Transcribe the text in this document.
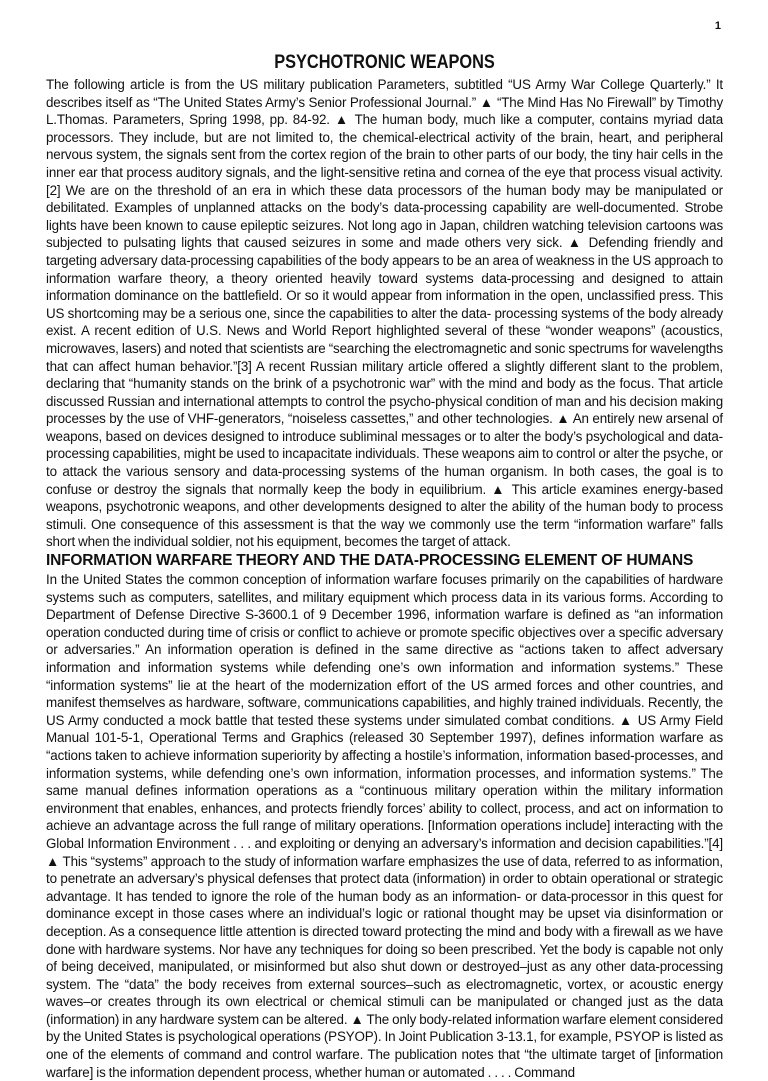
1
PSYCHOTRONIC WEAPONS

The following article is from the US military publication Parameters, subtitled “US Army War College Quarterly.” It describes itself as “The United States Army’s Senior Professional Journal.” ▲ “The Mind Has No Firewall” by Timothy L.Thomas. Parameters, Spring 1998, pp. 84-92. ▲ The human body, much like a computer, contains myriad data processors. They include, but are not limited to, the chemical-electrical activity of the brain, heart, and peripheral nervous system, the signals sent from the cortex region of the brain to other parts of our body, the tiny hair cells in the inner ear that process auditory signals, and the light-sensitive retina and cornea of the eye that process visual activity. [2] We are on the threshold of an era in which these data processors of the human body may be manipulated or debilitated. Examples of unplanned attacks on the body’s data-processing capability are well-documented. Strobe lights have been known to cause epileptic seizures. Not long ago in Japan, children watching television cartoons was subjected to pulsating lights that caused seizures in some and made others very sick. ▲ Defending friendly and targeting adversary data-processing capabilities of the body appears to be an area of weakness in the US approach to information warfare theory, a theory oriented heavily toward systems data-processing and designed to attain information dominance on the battlefield. Or so it would appear from information in the open, unclassified press. This US shortcoming may be a serious one, since the capabilities to alter the data- processing systems of the body already exist. A recent edition of U.S. News and World Report highlighted several of these “wonder weapons” (acoustics, microwaves, lasers) and noted that scientists are “searching the electromagnetic and sonic spectrums for wavelengths that can affect human behavior.”[3] A recent Russian military article offered a slightly different slant to the problem, declaring that “humanity stands on the brink of a psychotronic war” with the mind and body as the focus. That article discussed Russian and international attempts to control the psycho-physical condition of man and his decision making processes by the use of VHF-generators, “noiseless cassettes,” and other technologies. ▲ An entirely new arsenal of weapons, based on devices designed to introduce subliminal messages or to alter the body’s psychological and data-processing capabilities, might be used to incapacitate individuals. These weapons aim to control or alter the psyche, or to attack the various sensory and data-processing systems of the human organism. In both cases, the goal is to confuse or destroy the signals that normally keep the body in equilibrium. ▲ This article examines energy-based weapons, psychotronic weapons, and other developments designed to alter the ability of the human body to process stimuli. One consequence of this assessment is that the way we commonly use the term “information warfare” falls short when the individual soldier, not his equipment, becomes the target of attack.

INFORMATION WARFARE THEORY AND THE DATA-PROCESSING ELEMENT OF HUMANS

In the United States the common conception of information warfare focuses primarily on the capabilities of hardware systems such as computers, satellites, and military equipment which process data in its various forms. According to Department of Defense Directive S-3600.1 of 9 December 1996, information warfare is defined as “an information operation conducted during time of crisis or conflict to achieve or promote specific objectives over a specific adversary or adversaries.” An information operation is defined in the same directive as “actions taken to affect adversary information and information systems while defending one’s own information and information systems.” These “information systems” lie at the heart of the modernization effort of the US armed forces and other countries, and manifest themselves as hardware, software, communications capabilities, and highly trained individuals. Recently, the US Army conducted a mock battle that tested these systems under simulated combat conditions. ▲ US Army Field Manual 101-5-1, Operational Terms and Graphics (released 30 September 1997), defines information warfare as “actions taken to achieve information superiority by affecting a hostile’s information, information based-processes, and information systems, while defending one’s own information, information processes, and information systems.” The same manual defines information operations as a “continuous military operation within the military information environment that enables, enhances, and protects friendly forces’ ability to collect, process, and act on information to achieve an advantage across the full range of military operations. [Information operations include] interacting with the Global Information Environment . . . and exploiting or denying an adversary’s information and decision capabilities.”[4] ▲ This “systems” approach to the study of information warfare emphasizes the use of data, referred to as information, to penetrate an adversary’s physical defenses that protect data (information) in order to obtain operational or strategic advantage. It has tended to ignore the role of the human body as an information- or data-processor in this quest for dominance except in those cases where an individual’s logic or rational thought may be upset via disinformation or deception. As a consequence little attention is directed toward protecting the mind and body with a firewall as we have done with hardware systems. Nor have any techniques for doing so been prescribed. Yet the body is capable not only of being deceived, manipulated, or misinformed but also shut down or destroyed–just as any other data-processing system. The “data” the body receives from external sources–such as electromagnetic, vortex, or acoustic energy waves–or creates through its own electrical or chemical stimuli can be manipulated or changed just as the data (information) in any hardware system can be altered. ▲ The only body-related information warfare element considered by the United States is psychological operations (PSYOP). In Joint Publication 3-13.1, for example, PSYOP is listed as one of the elements of command and control warfare. The publication notes that “the ultimate target of [information warfare] is the information dependent process, whether human or automated . . . . Command
